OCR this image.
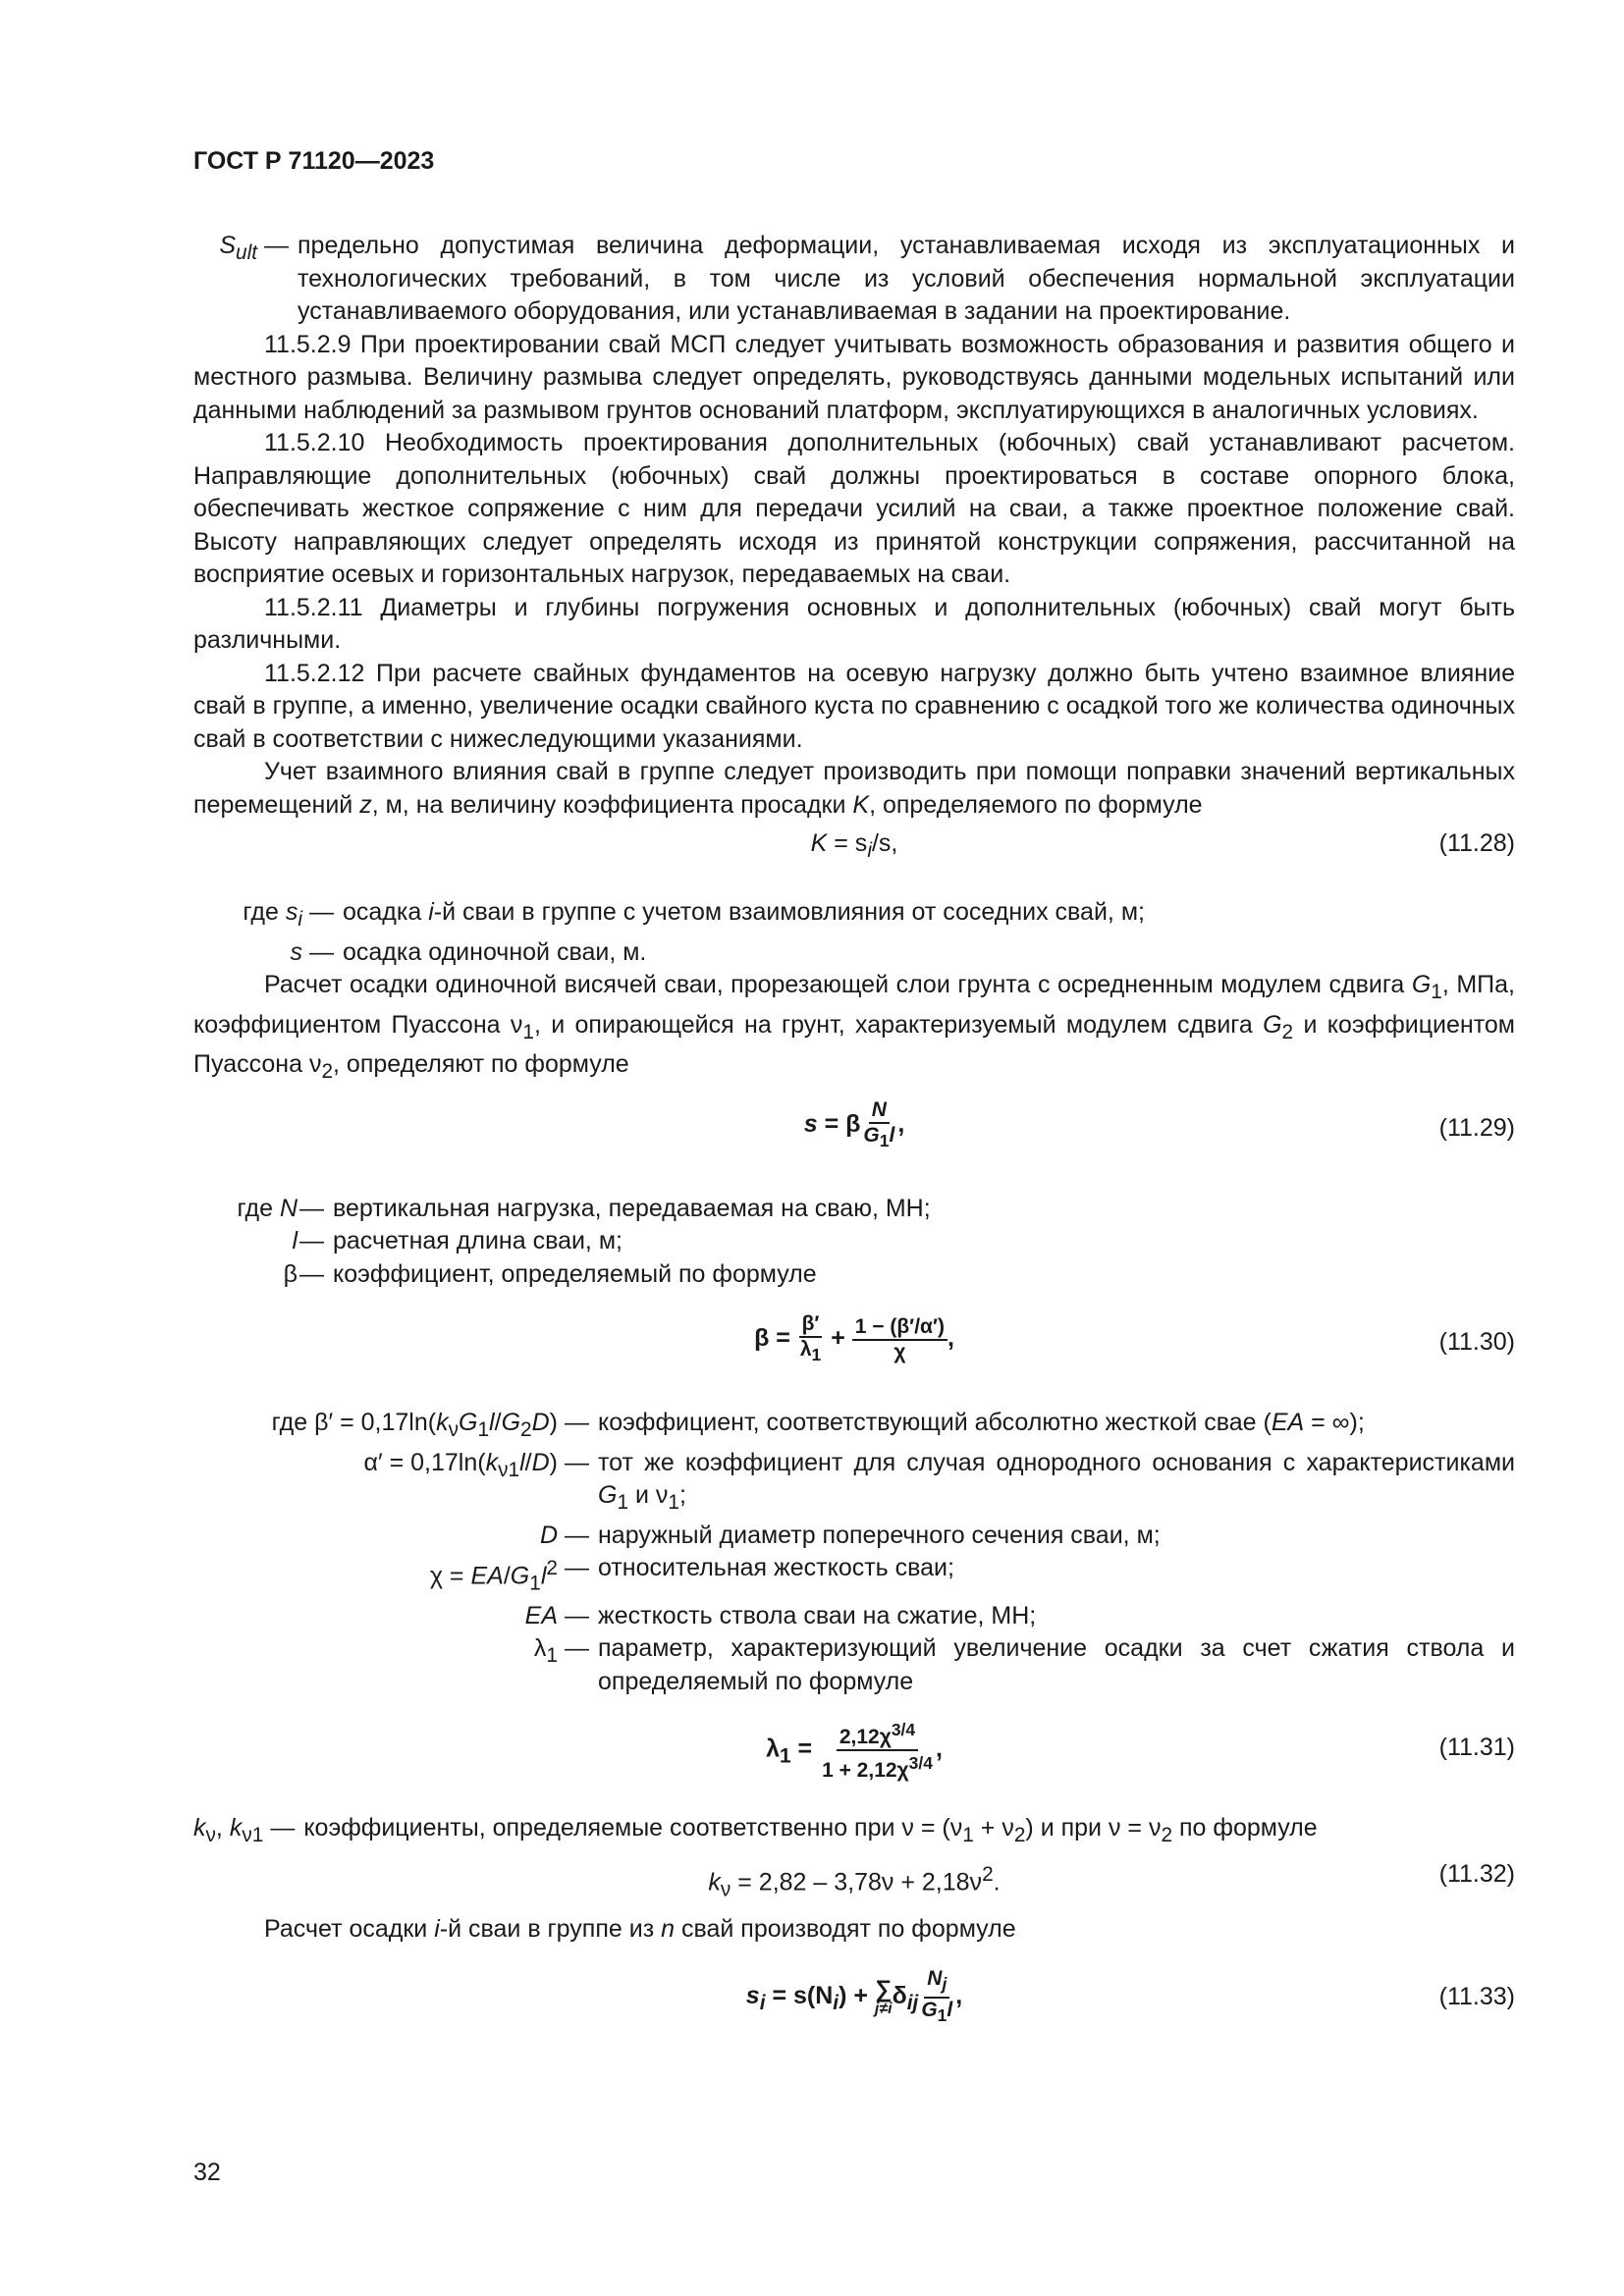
ГОСТ Р 71120—2023
$S_{ult}$ — предельно допустимая величина деформации, устанавливаемая исходя из эксплуатационных и технологических требований, в том числе из условий обеспечения нормальной эксплуатации устанавливаемого оборудования, или устанавливаемая в задании на проектирование.

11.5.2.9 При проектировании свай МСП следует учитывать возможность образования и развития общего и местного размыва. Величину размыва следует определять, руководствуясь данными модельных испытаний или данными наблюдений за размывом грунтов оснований платформ, эксплуатирующихся в аналогичных условиях.

11.5.2.10 Необходимость проектирования дополнительных (юбочных) свай устанавливают расчетом. Направляющие дополнительных (юбочных) свай должны проектироваться в составе опорного блока, обеспечивать жесткое сопряжение с ним для передачи усилий на сваи, а также проектное положение свай. Высоту направляющих следует определять исходя из принятой конструкции сопряжения, рассчитанной на восприятие осевых и горизонтальных нагрузок, передаваемых на сваи.

11.5.2.11 Диаметры и глубины погружения основных и дополнительных (юбочных) свай могут быть различными.

11.5.2.12 При расчете свайных фундаментов на осевую нагрузку должно быть учтено взаимное влияние свай в группе, а именно, увеличение осадки свайного куста по сравнению с осадкой того же количества одиночных свай в соответствии с нижеследующими указаниями.

Учет взаимного влияния свай в группе следует производить при помощи поправки значений вертикальных перемещений z, м, на величину коэффициента просадки K, определяемого по формуле

$K = s_i/s$,	(11.28)
где $s_i$ — осадка i-й сваи в группе с учетом взаимовлияния от соседних свай, м;
s — осадка одиночной сваи, м.

Расчет осадки одиночной висячей сваи, прорезающей слои грунта с осредненным модулем сдвига $G_1$, МПа, коэффициентом Пуассона $\nu_1$, и опирающейся на грунт, характеризуемый модулем сдвига $G_2$ и коэффициентом Пуассона $\nu_2$, определяют по формуле

s = β $\frac{N}{G_1l}$ ,	(11.29)
где N — вертикальная нагрузка, передаваемая на сваю, МН;
l — расчетная длина сваи, м;
β — коэффициент, определяемый по формуле
$\beta = \frac{\beta'}{\lambda_1} + \frac{1 - (\beta'/\alpha')}{\chi}$ ,	(11.30)
где $\beta' = 0,17\ln(k_\nu G_1l/G_2D)$ — коэффициент, соответствующий абсолютно жесткой свае (EA = ∞);
$\alpha' = 0,17\ln(k_{\nu 1}l/D)$ — тот же коэффициент для случая однородного основания с характеристиками $G_1$ и $\nu_1$;
D — наружный диаметр поперечного сечения сваи, м;
$\chi = EA/G_1l^2$ — относительная жесткость сваи;
EA — жесткость ствола сваи на сжатие, МН;
$\lambda_1$ — параметр, характеризующий увеличение осадки за счет сжатия ствола и определяемый по формуле
$\lambda_1 = \frac{2,12\chi^{3/4}}{1 + 2,12\chi^{3/4}}$ ,	(11.31)
$k_\nu$, $k_{\nu 1}$ — коэффициенты, определяемые соответственно при $\nu = (\nu_1 + \nu_2)$ и при $\nu = \nu_2$ по формуле
$k_\nu = 2,82 - 3,78\nu + 2,18\nu^2$.	(11.32)

Расчет осадки i-й сваи в группе из n свай производят по формуле

$s_i = s(N_i)$ + ∑
j≠i $\delta_{ij} \frac{N_j}{G_1l}$ ,	(11.33)
32
